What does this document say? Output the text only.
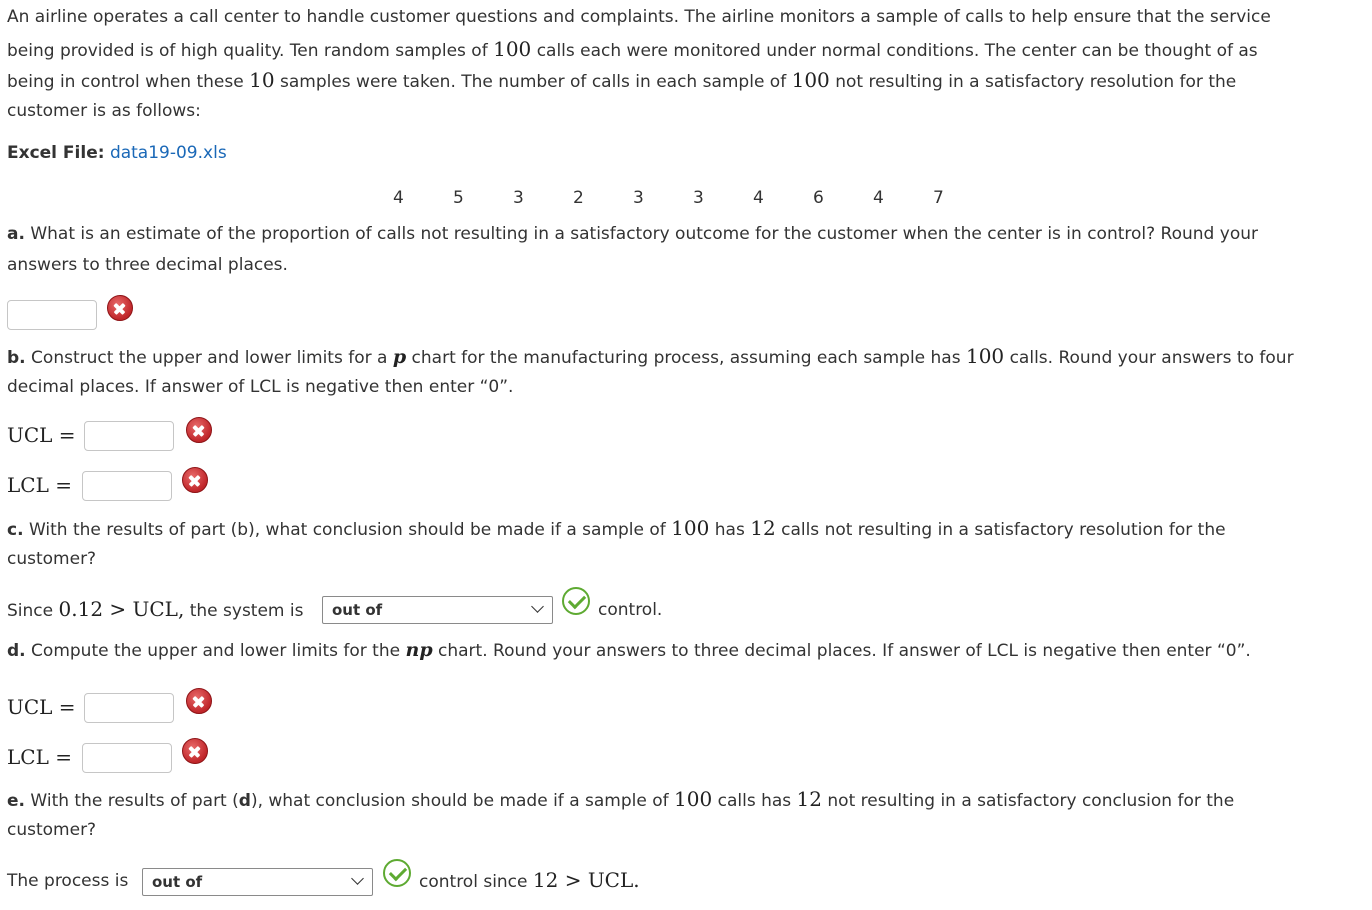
An airline operates a call center to handle customer questions and complaints. The airline monitors a sample of calls to help ensure that the service
being provided is of high quality. Ten random samples of 100 calls each were monitored under normal conditions. The center can be thought of as
being in control when these 10 samples were taken. The number of calls in each sample of 100 not resulting in a satisfactory resolution for the
customer is as follows:
Excel File: data19-09.xls
4	5	3	2	3	3	4	6	4	7
a. What is an estimate of the proportion of calls not resulting in a satisfactory outcome for the customer when the center is in control? Round your
answers to three decimal places.
b. Construct the upper and lower limits for a p chart for the manufacturing process, assuming each sample has 100 calls. Round your answers to four
decimal places. If answer of LCL is negative then enter “0”.
UCL =
LCL =
c. With the results of part (b), what conclusion should be made if a sample of 100 has 12 calls not resulting in a satisfactory resolution for the
customer?
Since 0.12 > UCL, the system is out of	control.
d. Compute the upper and lower limits for the np chart. Round your answers to three decimal places. If answer of LCL is negative then enter “0”.
UCL =
LCL =
e. With the results of part (d), what conclusion should be made if a sample of 100 calls has 12 not resulting in a satisfactory conclusion for the
customer?
The process is out of	control since 12 > UCL.
